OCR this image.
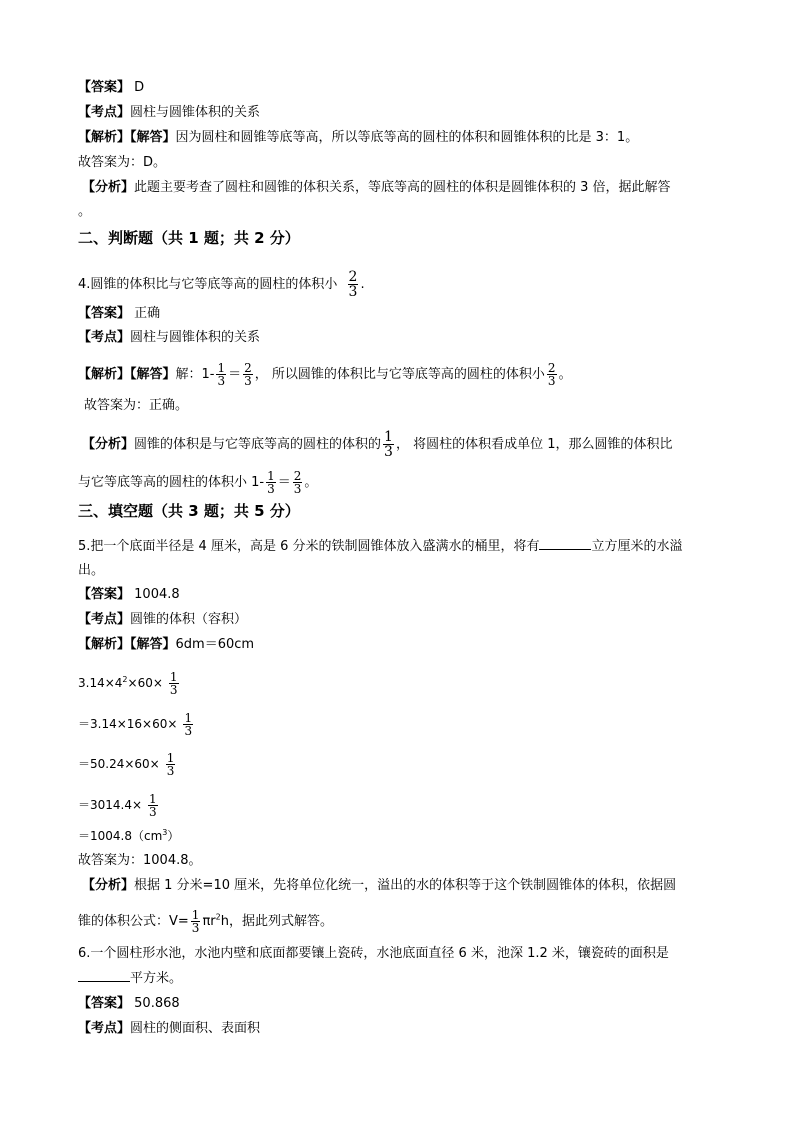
【答案】 D
【考点】圆柱与圆锥体积的关系
【解析】【解答】因为圆柱和圆锥等底等高，所以等底等高的圆柱的体积和圆锥体积的比是 3：1。
故答案为：D。
【分析】此题主要考查了圆柱和圆锥的体积关系，等底等高的圆柱的体积是圆锥体积的 3 倍，据此解答
。
二、判断题（共 1 题；共 2 分）
4.圆锥的体积比与它等底等高的圆柱的体积小 $\frac{2}{3}$ .
【答案】 正确
【考点】圆柱与圆锥体积的关系
【解析】【解答】解：$1- \frac{1}{3} = \frac{2}{3}$ ， 所以圆锥的体积比与它等底等高的圆柱的体积小 $\frac{2}{3}$ 。
故答案为：正确。
【分析】圆锥的体积是与它等底等高的圆柱的体积的 $\frac{1}{3}$ ， 将圆柱的体积看成单位 1，那么圆锥的体积比
与它等底等高的圆柱的体积小 $1- \frac{1}{3} = \frac{2}{3}$ 。
三、填空题（共 3 题；共 5 分）
5.把一个底面半径是 4 厘米，高是 6 分米的铁制圆锥体放入盛满水的桶里，将有	立方厘米的水溢
出。
【答案】 1004.8
【考点】圆锥的体积（容积）
【解析】【解答】6dm＝60cm
$3.14\times 4^2\times 60\times \frac{1}{3}$
$=3.14\times 16\times 60\times \frac{1}{3}$
$=50.24\times 60\times \frac{1}{3}$
$=3014.4\times \frac{1}{3}$
$=1004.8(cm^3)$
故答案为：1004.8。
【分析】根据 1 分米=10 厘米，先将单位化统一，溢出的水的体积等于这个铁制圆锥体的体积，依据圆
锥的体积公式：$V= \frac{1}{3} \pi r^2h$，据此列式解答。
6.一个圆柱形水池，水池内壁和底面都要镶上瓷砖，水池底面直径 6 米，池深 1.2 米，镶瓷砖的面积是
平方米。
【答案】 50.868
【考点】圆柱的侧面积、表面积
